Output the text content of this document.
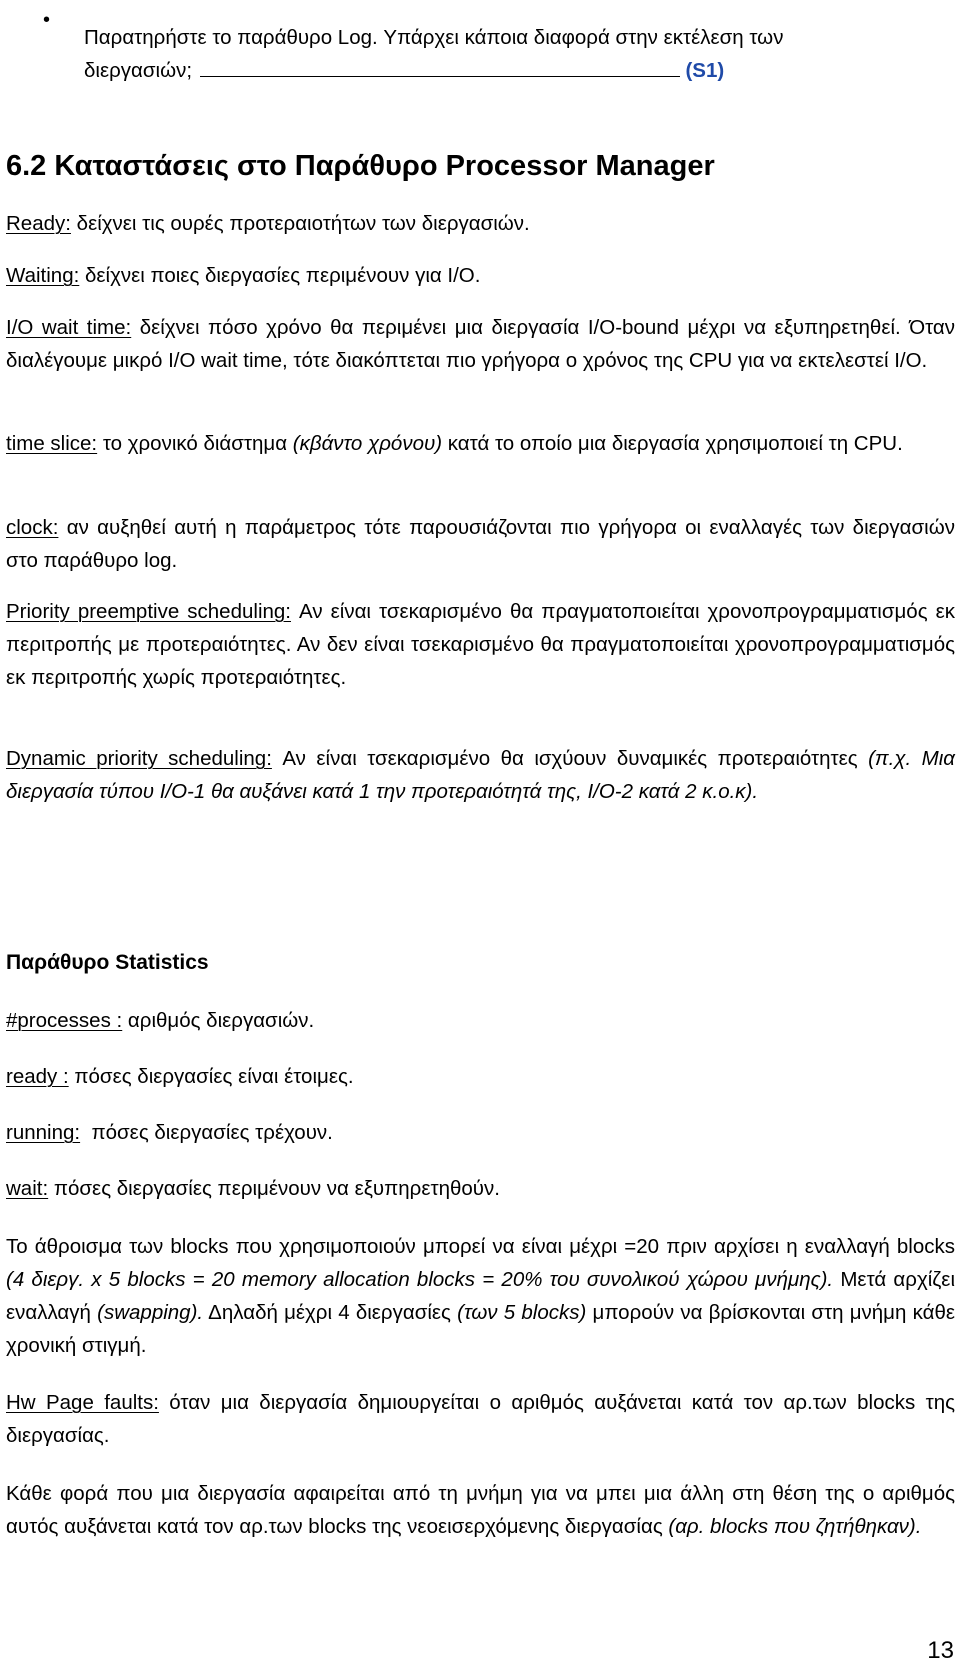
•

Παρατηρήστε το παράθυρο Log. Υπάρχει κάποια διαφορά στην εκτέλεση των
διεργασιών;	(S1)

6.2 Καταστάσεις στο Παράθυρο Processor Manager

Ready: δείχνει τις ουρές προτεραιοτήτων των διεργασιών.

Waiting: δείχνει ποιες διεργασίες περιμένουν για I/O.

I/O wait time: δείχνει πόσο χρόνο θα περιμένει μια διεργασία I/O-bound μέχρι να εξυπηρετηθεί. Όταν διαλέγουμε μικρό I/O wait time, τότε διακόπτεται πιο γρήγορα ο χρόνος της CPU για να εκτελεστεί I/O.

time slice: το χρονικό διάστημα (κβάντο χρόνου) κατά το οποίο μια διεργασία χρησιμοποιεί τη CPU.

clock: αν αυξηθεί αυτή η παράμετρος τότε παρουσιάζονται πιο γρήγορα οι εναλλαγές των διεργασιών στο παράθυρο log.

Priority preemptive scheduling: Αν είναι τσεκαρισμένο θα πραγματοποιείται χρονοπρογραμματισμός εκ περιτροπής με προτεραιότητες. Αν δεν είναι τσεκαρισμένο θα πραγματοποιείται χρονοπρογραμματισμός εκ περιτροπής χωρίς προτεραιότητες.

Dynamic priority scheduling: Αν είναι τσεκαρισμένο θα ισχύουν δυναμικές προτεραιότητες (π.χ. Μια διεργασία τύπου I/O-1 θα αυξάνει κατά 1 την προτεραιότητά της, I/O-2 κατά 2 κ.ο.κ).

Παράθυρο Statistics

#processes : αριθμός διεργασιών.

ready : πόσες διεργασίες είναι έτοιμες.

running:  πόσες διεργασίες τρέχουν.

wait: πόσες διεργασίες περιμένουν να εξυπηρετηθούν.

Το άθροισμα των blocks που χρησιμοποιούν μπορεί να είναι μέχρι =20 πριν αρχίσει η εναλλαγή blocks (4 διεργ. x 5 blocks = 20 memory allocation blocks = 20% του συνολικού χώρου μνήμης). Μετά αρχίζει εναλλαγή (swapping). Δηλαδή μέχρι 4 διεργασίες (των 5 blocks) μπορούν να βρίσκονται στη μνήμη κάθε χρονική στιγμή.

Hw Page faults: όταν μια διεργασία δημιουργείται ο αριθμός αυξάνεται κατά τον αρ.των blocks της διεργασίας.

Κάθε φορά που μια διεργασία αφαιρείται από τη μνήμη για να μπει μια άλλη στη θέση της ο αριθμός αυτός αυξάνεται κατά τον αρ.των blocks της νεοεισερχόμενης διεργασίας (αρ. blocks που ζητήθηκαν).

13
